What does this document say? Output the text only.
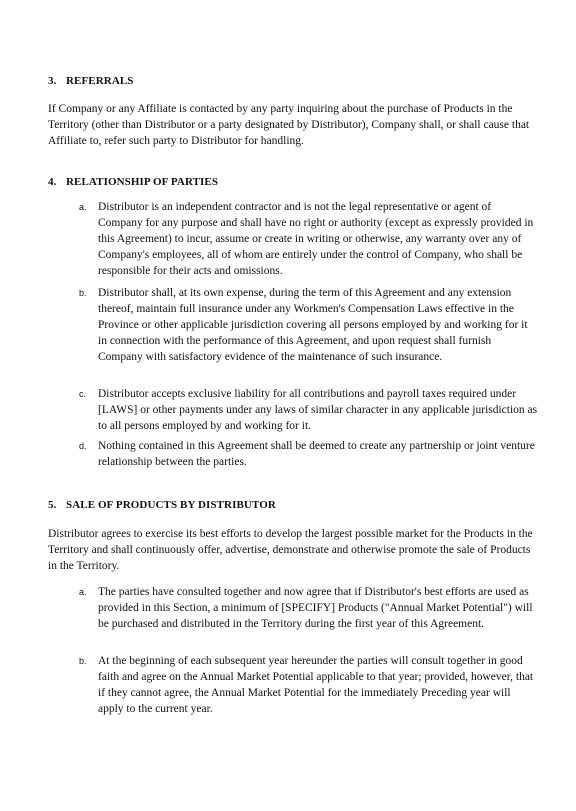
3. REFERRALS

If Company or any Affiliate is contacted by any party inquiring about the purchase of Products in the Territory (other than Distributor or a party designated by Distributor), Company shall, or shall cause that Affiliate to, refer such party to Distributor for handling.

4. RELATIONSHIP OF PARTIES
a. Distributor is an independent contractor and is not the legal representative or agent of Company for any purpose and shall have no right or authority (except as expressly provided in this Agreement) to incur, assume or create in writing or otherwise, any warranty over any of Company's employees, all of whom are entirely under the control of Company, who shall be responsible for their acts and omissions.

b. Distributor shall, at its own expense, during the term of this Agreement and any extension thereof, maintain full insurance under any Workmen's Compensation Laws effective in the Province or other applicable jurisdiction covering all persons employed by and working for it in connection with the performance of this Agreement, and upon request shall furnish Company with satisfactory evidence of the maintenance of such insurance.

c. Distributor accepts exclusive liability for all contributions and payroll taxes required under [LAWS] or other payments under any laws of similar character in any applicable jurisdiction as to all persons employed by and working for it.

d. Nothing contained in this Agreement shall be deemed to create any partnership or joint venture relationship between the parties.

5. SALE OF PRODUCTS BY DISTRIBUTOR

Distributor agrees to exercise its best efforts to develop the largest possible market for the Products in the Territory and shall continuously offer, advertise, demonstrate and otherwise promote the sale of Products in the Territory.

a. The parties have consulted together and now agree that if Distributor's best efforts are used as provided in this Section, a minimum of [SPECIFY] Products ("Annual Market Potential") will be purchased and distributed in the Territory during the first year of this Agreement.

b. At the beginning of each subsequent year hereunder the parties will consult together in good faith and agree on the Annual Market Potential applicable to that year; provided, however, that if they cannot agree, the Annual Market Potential for the immediately Preceding year will apply to the current year.
